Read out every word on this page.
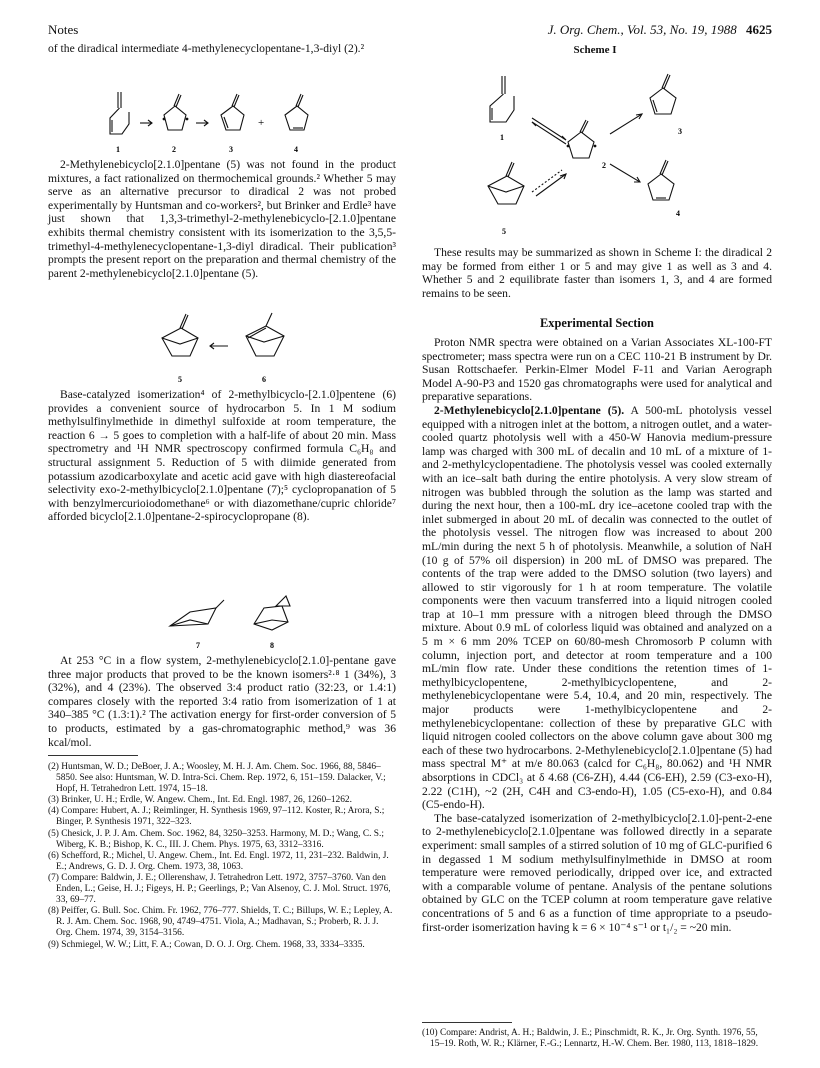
Notes	J. Org. Chem., Vol. 53, No. 19, 1988 4625

of the diradical intermediate 4-methylenecyclopentane-1,3-diyl (2).²

1	2	3
+
4

2-Methylenebicyclo[2.1.0]pentane (5) was not found in the product mixtures, a fact rationalized on thermochemical grounds.² Whether 5 may serve as an alternative precursor to diradical 2 was not probed experimentally by Huntsman and co-workers², but Brinker and Erdle³ have just shown that 1,3,3-trimethyl-2-methylenebicyclo-[2.1.0]pentane exhibits thermal chemistry consistent with its isomerization to the 3,5,5-trimethyl-4-methylenecyclopentane-1,3-diyl diradical. Their publication³ prompts the present report on the preparation and thermal chemistry of the parent 2-methylenebicyclo[2.1.0]pentane (5).

5	6

Base-catalyzed isomerization⁴ of 2-methylbicyclo-[2.1.0]pentene (6) provides a convenient source of hydrocarbon 5. In 1 M sodium methylsulfinylmethide in dimethyl sulfoxide at room temperature, the reaction 6 → 5 goes to completion with a half-life of about 20 min. Mass spectrometry and ¹H NMR spectroscopy confirmed formula C₆H₈ and structural assignment 5. Reduction of 5 with diimide generated from potassium azodicarboxylate and acetic acid gave with high diastereofacial selectivity exo-2-methylbicyclo[2.1.0]pentane (7);⁵ cyclopropanation of 5 with benzylmercurioiodomethane⁶ or with diazomethane/cupric chloride⁷ afforded bicyclo[2.1.0]pentane-2-spirocyclopropane (8).

7	8

At 253 °C in a flow system, 2-methylenebicyclo[2.1.0]-pentane gave three major products that proved to be the known isomers²·⁸ 1 (34%), 3 (32%), and 4 (23%). The observed 3:4 product ratio (32:23, or 1.4:1) compares closely with the reported 3:4 ratio from isomerization of 1 at 340–385 °C (1.3:1).² The activation energy for first-order conversion of 5 to products, estimated by a gas-chromatographic method,⁹ was 36 kcal/mol.

(2) Huntsman, W. D.; DeBoer, J. A.; Woosley, M. H. J. Am. Chem. Soc. 1966, 88, 5846–5850. See also: Huntsman, W. D. Intra-Sci. Chem. Rep. 1972, 6, 151–159. Dalacker, V.; Hopf, H. Tetrahedron Lett. 1974, 15–18.

(3) Brinker, U. H.; Erdle, W. Angew. Chem., Int. Ed. Engl. 1987, 26, 1260–1262.

(4) Compare: Hubert, A. J.; Reimlinger, H. Synthesis 1969, 97–112. Koster, R.; Arora, S.; Binger, P. Synthesis 1971, 322–323.

(5) Chesick, J. P. J. Am. Chem. Soc. 1962, 84, 3250–3253. Harmony, M. D.; Wang, C. S.; Wiberg, K. B.; Bishop, K. C., III. J. Chem. Phys. 1975, 63, 3312–3316.

(6) Schefford, R.; Michel, U. Angew. Chem., Int. Ed. Engl. 1972, 11, 231–232. Baldwin, J. E.; Andrews, G. D. J. Org. Chem. 1973, 38, 1063.

(7) Compare: Baldwin, J. E.; Ollerenshaw, J. Tetrahedron Lett. 1972, 3757–3760. Van den Enden, L.; Geise, H. J.; Figeys, H. P.; Geerlings, P.; Van Alsenoy, C. J. Mol. Struct. 1976, 33, 69–77.

(8) Peiffer, G. Bull. Soc. Chim. Fr. 1962, 776–777. Shields, T. C.; Billups, W. E.; Lepley, A. R. J. Am. Chem. Soc. 1968, 90, 4749–4751. Viola, A.; Madhavan, S.; Proberb, R. J. J. Org. Chem. 1974, 39, 3154–3156.

(9) Schmiegel, W. W.; Litt, F. A.; Cowan, D. O. J. Org. Chem. 1968, 33, 3334–3335.

Scheme I
1
2
3
4
5

These results may be summarized as shown in Scheme I: the diradical 2 may be formed from either 1 or 5 and may give 1 as well as 3 and 4. Whether 5 and 2 equilibrate faster than isomers 1, 3, and 4 are formed remains to be seen.

Experimental Section

Proton NMR spectra were obtained on a Varian Associates XL-100-FT spectrometer; mass spectra were run on a CEC 110-21 B instrument by Dr. Susan Rottschaefer. Perkin-Elmer Model F-11 and Varian Aerograph Model A-90-P3 and 1520 gas chromatographs were used for analytical and preparative separations.

2-Methylenebicyclo[2.1.0]pentane (5). A 500-mL photolysis vessel equipped with a nitrogen inlet at the bottom, a nitrogen outlet, and a water-cooled quartz photolysis well with a 450-W Hanovia medium-pressure lamp was charged with 300 mL of decalin and 10 mL of a mixture of 1- and 2-methylcyclopentadiene. The photolysis vessel was cooled externally with an ice–salt bath during the entire photolysis. A very slow stream of nitrogen was bubbled through the solution as the lamp was started and during the next hour, then a 100-mL dry ice–acetone cooled trap with the inlet submerged in about 20 mL of decalin was connected to the outlet of the photolysis vessel. The nitrogen flow was increased to about 200 mL/min during the next 5 h of photolysis. Meanwhile, a solution of NaH (10 g of 57% oil dispersion) in 200 mL of DMSO was prepared. The contents of the trap were added to the DMSO solution (two layers) and allowed to stir vigorously for 1 h at room temperature. The volatile components were then vacuum transferred into a liquid nitrogen cooled trap at 10–1 mm pressure with a nitrogen bleed through the DMSO mixture. About 0.9 mL of colorless liquid was obtained and analyzed on a 5 m × 6 mm 20% TCEP on 60/80-mesh Chromosorb P column with column, injection port, and detector at room temperature and a 100 mL/min flow rate. Under these conditions the retention times of 1-methylbicyclopentene, 2-methylbicyclopentene, and 2-methylenebicyclopentane were 5.4, 10.4, and 20 min, respectively. The major products were 1-methylbicyclopentene and 2-methylenebicyclopentane: collection of these by preparative GLC with liquid nitrogen cooled collectors on the above column gave about 300 mg each of these two hydrocarbons. 2-Methylenebicyclo[2.1.0]pentane (5) had mass spectral M⁺ at m/e 80.063 (calcd for C₆H₈, 80.062) and ¹H NMR absorptions in CDCl₃ at δ 4.68 (C6-ZH), 4.44 (C6-EH), 2.59 (C3-exo-H), 2.22 (C1H), ~2 (2H, C4H and C3-endo-H), 1.05 (C5-exo-H), and 0.84 (C5-endo-H).

The base-catalyzed isomerization of 2-methylbicyclo[2.1.0]-pent-2-ene to 2-methylenebicyclo[2.1.0]pentane was followed directly in a separate experiment: small samples of a stirred solution of 10 mg of GLC-purified 6 in degassed 1 M sodium methylsulfinylmethide in DMSO at room temperature were removed periodically, dripped over ice, and extracted with a comparable volume of pentane. Analysis of the pentane solutions obtained by GLC on the TCEP column at room temperature gave relative concentrations of 5 and 6 as a function of time appropriate to a pseudo-first-order isomerization having k = 6 × 10⁻⁴ s⁻¹ or t₁/₂ = ~20 min.

(10) Compare: Andrist, A. H.; Baldwin, J. E.; Pinschmidt, R. K., Jr. Org. Synth. 1976, 55, 15–19. Roth, W. R.; Klärner, F.-G.; Lennartz, H.-W. Chem. Ber. 1980, 113, 1818–1829.
